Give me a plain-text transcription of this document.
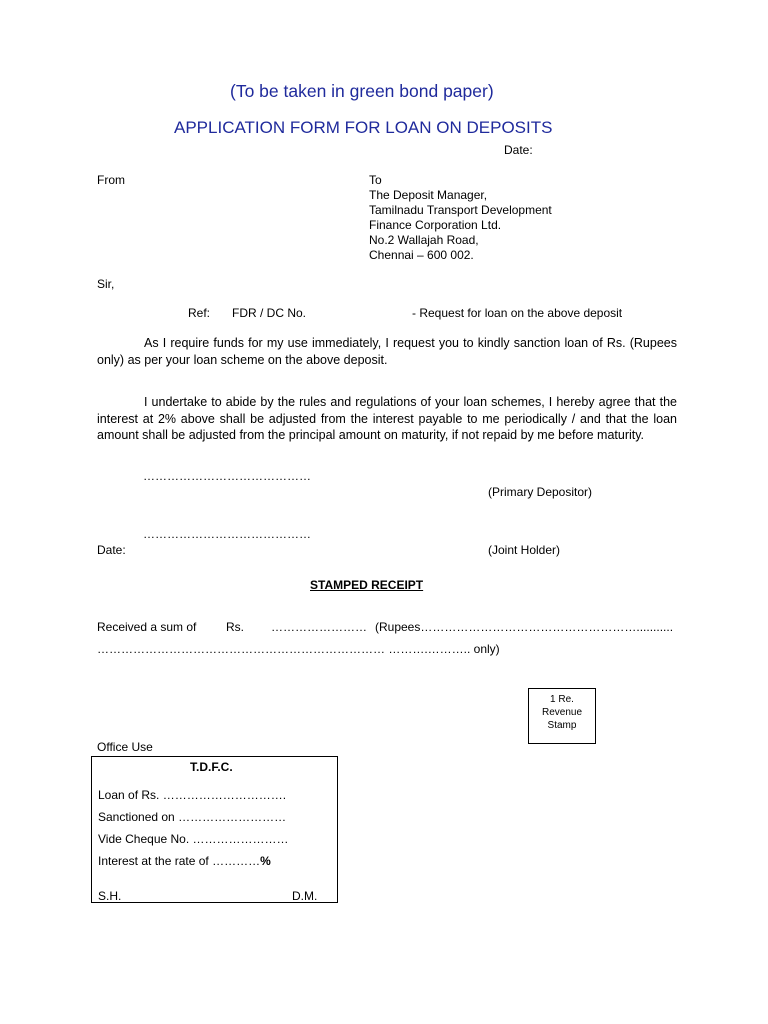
(To be taken in green bond paper)
APPLICATION FORM FOR LOAN ON DEPOSITS
Date:
From	To
The Deposit Manager,
Tamilnadu Transport Development
Finance Corporation Ltd.
No.2 Wallajah Road,
Chennai – 600 002.
Sir,
Ref: FDR / DC No.	- Request for loan on the above deposit
As I require funds for my use immediately, I request you to kindly sanction loan of Rs. (Rupees only) as per your loan scheme on the above deposit.
I undertake to abide by the rules and regulations of your loan schemes, I hereby agree that the interest at 2% above shall be adjusted from the interest payable to me periodically / and that the loan amount shall be adjusted from the principal amount on maturity, if not repaid by me before maturity.
……………………………………
(Primary Depositor)
……………………………………
Date:	(Joint Holder)
STAMPED RECEIPT
Received a sum of Rs. …………………… (Rupees………………………………………………...........
……………………………………………………………… ……….……….. only)
1 Re.
Revenue
Stamp
Office Use
T.D.F.C.
Loan of Rs. ………………………….
Sanctioned on ………………………
Vide Cheque No. ……………………
Interest at the rate of …………%
S.H.	D.M.
